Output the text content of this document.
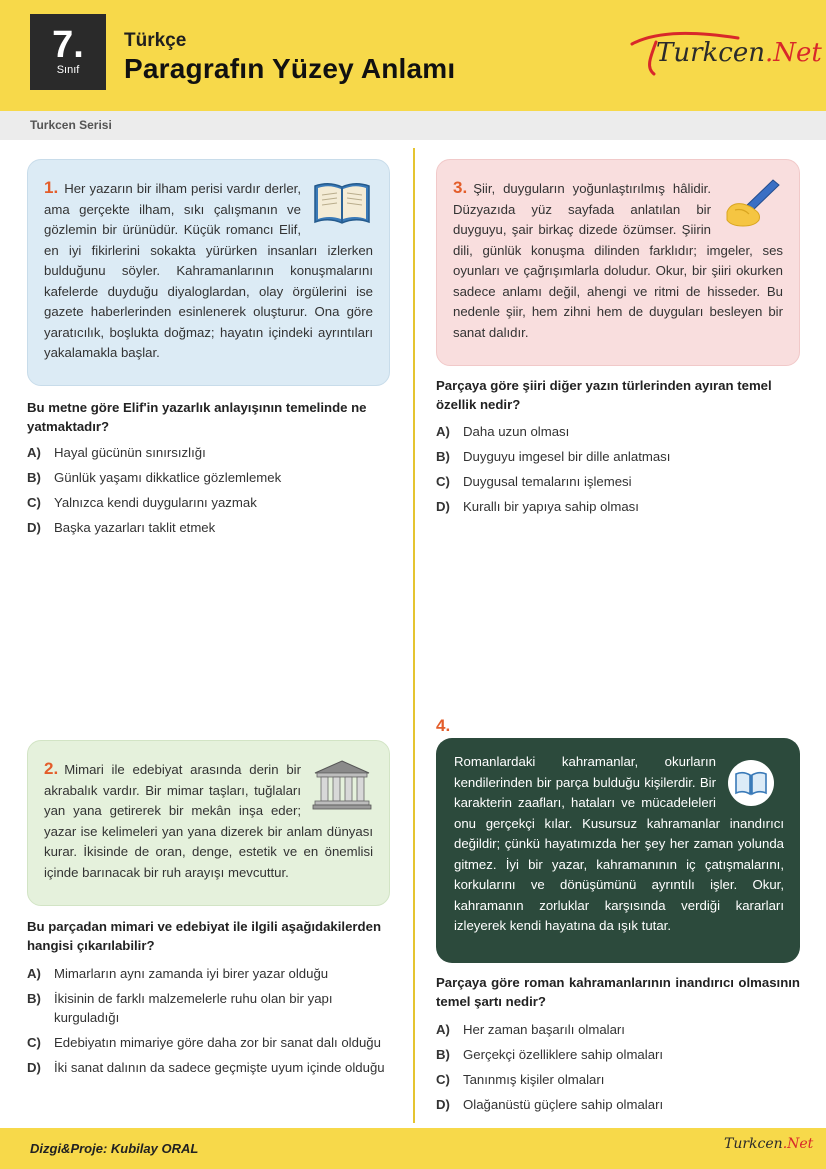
7.
Sınıf
Türkçe
Paragrafın Yüzey Anlamı	Turkcen.Net
Turkcen Serisi

1. Her yazarın bir ilham perisi vardır derler, ama gerçekte ilham, sıkı çalışmanın ve gözlemin bir ürünüdür. Küçük romancı Elif, en iyi fikirlerini sokakta yürürken insanları izlerken bulduğunu söyler. Kahramanlarının konuşmalarını kafelerde duyduğu diyaloglardan, olay örgülerini ise gazete haberlerinden esinlenerek oluşturur. Ona göre yaratıcılık, boşlukta doğmaz; hayatın içindeki ayrıntıları yakalamakla başlar.

Bu metne göre Elif'in yazarlık anlayışının temelinde ne yatmaktadır?
A) Hayal gücünün sınırsızlığı
B) Günlük yaşamı dikkatlice gözlemlemek
C) Yalnızca kendi duygularını yazmak
D) Başka yazarları taklit etmek

3. Şiir, duyguların yoğunlaştırılmış hâlidir. Düzyazıda yüz sayfada anlatılan bir duyguyu, şair birkaç dizede özümser. Şiirin dili, günlük konuşma dilinden farklıdır; imgeler, ses oyunları ve çağrışımlarla doludur. Okur, bir şiiri okurken sadece anlamı değil, ahengi ve ritmi de hisseder. Bu nedenle şiir, hem zihni hem de duyguları besleyen bir sanat dalıdır.

Parçaya göre şiiri diğer yazın türlerinden ayıran temel özellik nedir?
A) Daha uzun olması
B) Duyguyu imgesel bir dille anlatması
C) Duygusal temalarını işlemesi
D) Kurallı bir yapıya sahip olması

2. Mimari ile edebiyat arasında derin bir akrabalık vardır. Bir mimar taşları, tuğlaları yan yana getirerek bir mekân inşa eder; yazar ise kelimeleri yan yana dizerek bir anlam dünyası kurar. İkisinde de oran, denge, estetik ve en önemlisi içinde barınacak bir ruh arayışı mevcuttur.

Bu parçadan mimari ve edebiyat ile ilgili aşağıdakilerden hangisi çıkarılabilir?
A) Mimarların aynı zamanda iyi birer yazar olduğu
B) İkisinin de farklı malzemelerle ruhu olan bir yapı kurguladığı
C) Edebiyatın mimariye göre daha zor bir sanat dalı olduğu
D) İki sanat dalının da sadece geçmişte uyum içinde olduğu
4.

Romanlardaki kahramanlar, okurların kendilerinden bir parça bulduğu kişilerdir. Bir karakterin zaafları, hataları ve mücadeleleri onu gerçekçi kılar. Kusursuz kahramanlar inandırıcı değildir; çünkü hayatımızda her şey her zaman yolunda gitmez. İyi bir yazar, kahramanının iç çatışmalarını, korkularını ve dönüşümünü ayrıntılı işler. Okur, kahramanın zorluklar karşısında verdiği kararları izleyerek kendi hayatına da ışık tutar.

Parçaya göre roman kahramanlarının inandırıcı olmasının temel şartı nedir?
A) Her zaman başarılı olmaları
B) Gerçekçi özelliklere sahip olmaları
C) Tanınmış kişiler olmaları
D) Olağanüstü güçlere sahip olmaları
Dizgi&Proje: Kubilay ORAL	Turkcen.Net
